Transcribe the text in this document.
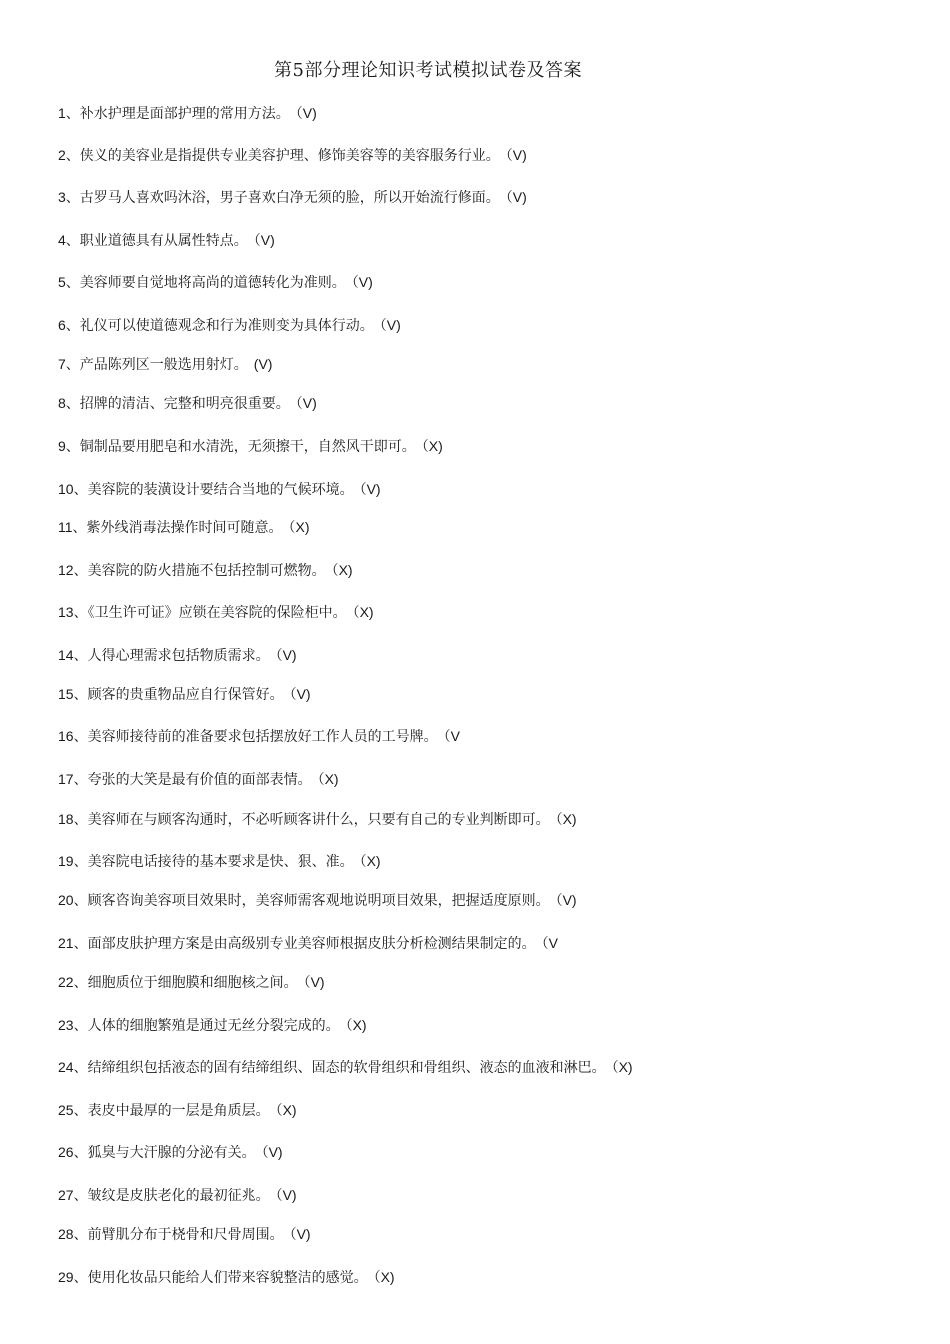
第5部分理论知识考试模拟试卷及答案
1、补水护理是面部护理的常用方法。 （V)
2、侠义的美容业是指提供专业美容护理、修饰美容等的美容服务行业。 （V)
3、古罗马人喜欢吗沐浴，男子喜欢白净无须的脸，所以开始流行修面。 （V)
4、职业道德具有从属性特点。 （V)
5、美容师要自觉地将高尚的道德转化为准则。 （V)
6、礼仪可以使道德观念和行为准则变为具体行动。 （V)
7、产品陈列区一般选用射灯。 (V)
8、招牌的清洁、完整和明亮很重要。 （V)
9、铜制品要用肥皂和水清洗，无须擦干，自然风干即可。 （X)
10、美容院的装潢设计要结合当地的气候环境。 （V)
11、紫外线消毒法操作时间可随意。 （X)
12、美容院的防火措施不包括控制可燃物。 （X)
13、《卫生许可证》应锁在美容院的保险柜中。 （X)
14、人得心理需求包括物质需求。 （V)
15、顾客的贵重物品应自行保管好。 （V)
16、美容师接待前的准备要求包括摆放好工作人员的工号牌。 （V
17、夸张的大笑是最有价值的面部表情。 （X)
18、美容师在与顾客沟通时，不必听顾客讲什么，只要有自己的专业判断即可。 （X)
19、美容院电话接待的基本要求是快、狠、准。 （X)
20、顾客咨询美容项目效果时，美容师需客观地说明项目效果，把握适度原则。 （V)
21、面部皮肤护理方案是由高级别专业美容师根据皮肤分析检测结果制定的。 （V
22、细胞质位于细胞膜和细胞核之间。 （V)
23、人体的细胞繁殖是通过无丝分裂完成的。 （X)
24、结缔组织包括液态的固有结缔组织、固态的软骨组织和骨组织、液态的血液和淋巴。 （X)
25、表皮中最厚的一层是角质层。 （X)
26、狐臭与大汗腺的分泌有关。 （V)
27、皱纹是皮肤老化的最初征兆。 （V)
28、前臂肌分布于桡骨和尺骨周围。 （V)
29、使用化妆品只能给人们带来容貌整洁的感觉。 （X)
